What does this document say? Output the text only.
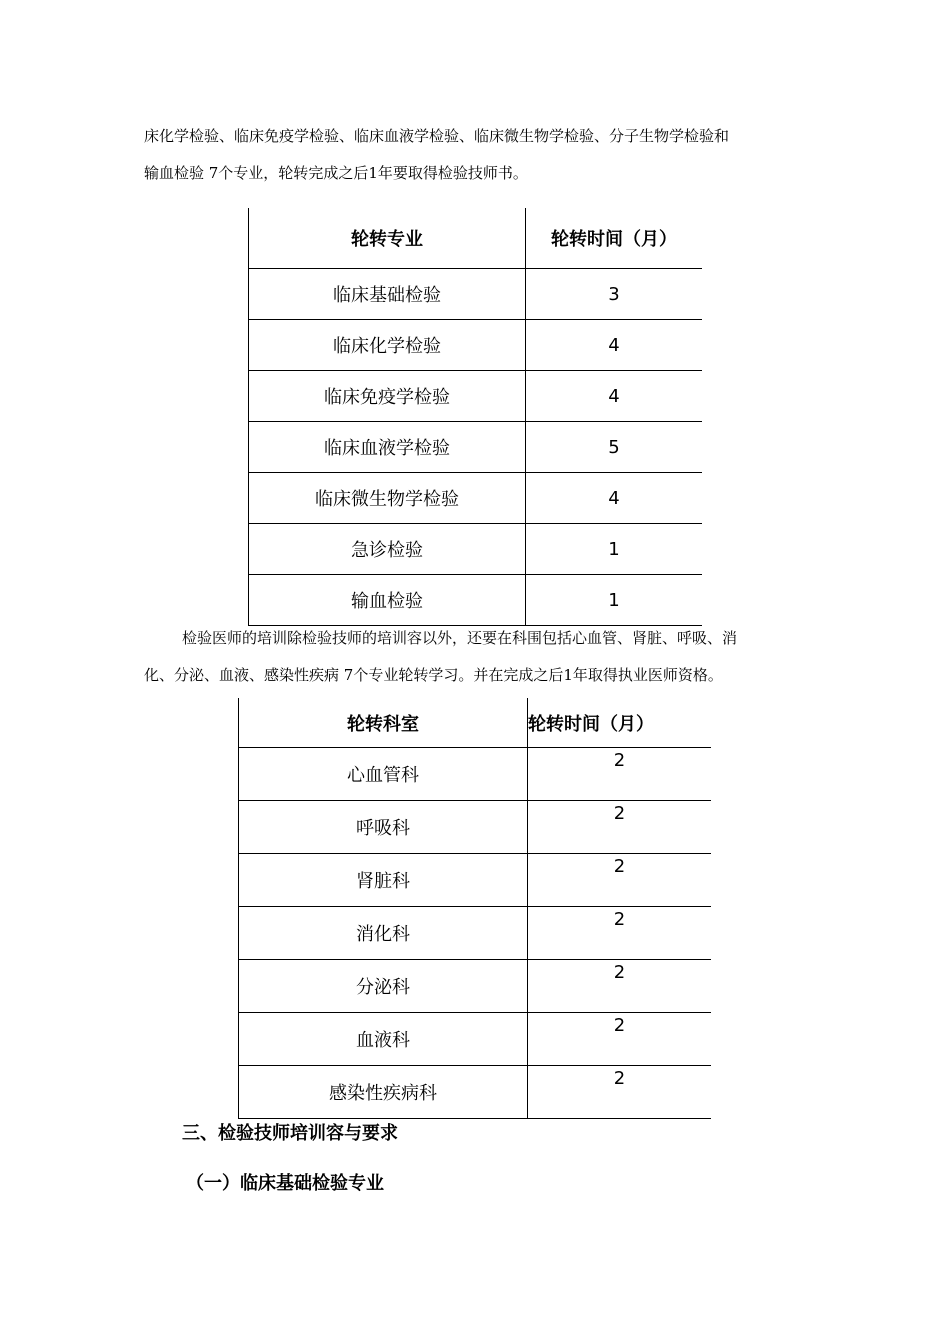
床化学检验、临床免疫学检验、临床血液学检验、临床微生物学检验、分子生物学检验和
输血检验 7个专业，轮转完成之后1年要取得检验技师书。
轮转专业	轮转时间（月）
临床基础检验	3
临床化学检验	4
临床免疫学检验	4
临床血液学检验	5
临床微生物学检验	4
急诊检验	1
输血检验	1
检验医师的培训除检验技师的培训容以外，还要在科围包括心血管、肾脏、呼吸、消
化、分泌、血液、感染性疾病 7个专业轮转学习。并在完成之后1年取得执业医师资格。
轮转科室	轮转时间（月）
心血管科	2
呼吸科	2
肾脏科	2
消化科	2
分泌科	2
血液科	2
感染性疾病科	2

三、检验技师培训容与要求

（一）临床基础检验专业
